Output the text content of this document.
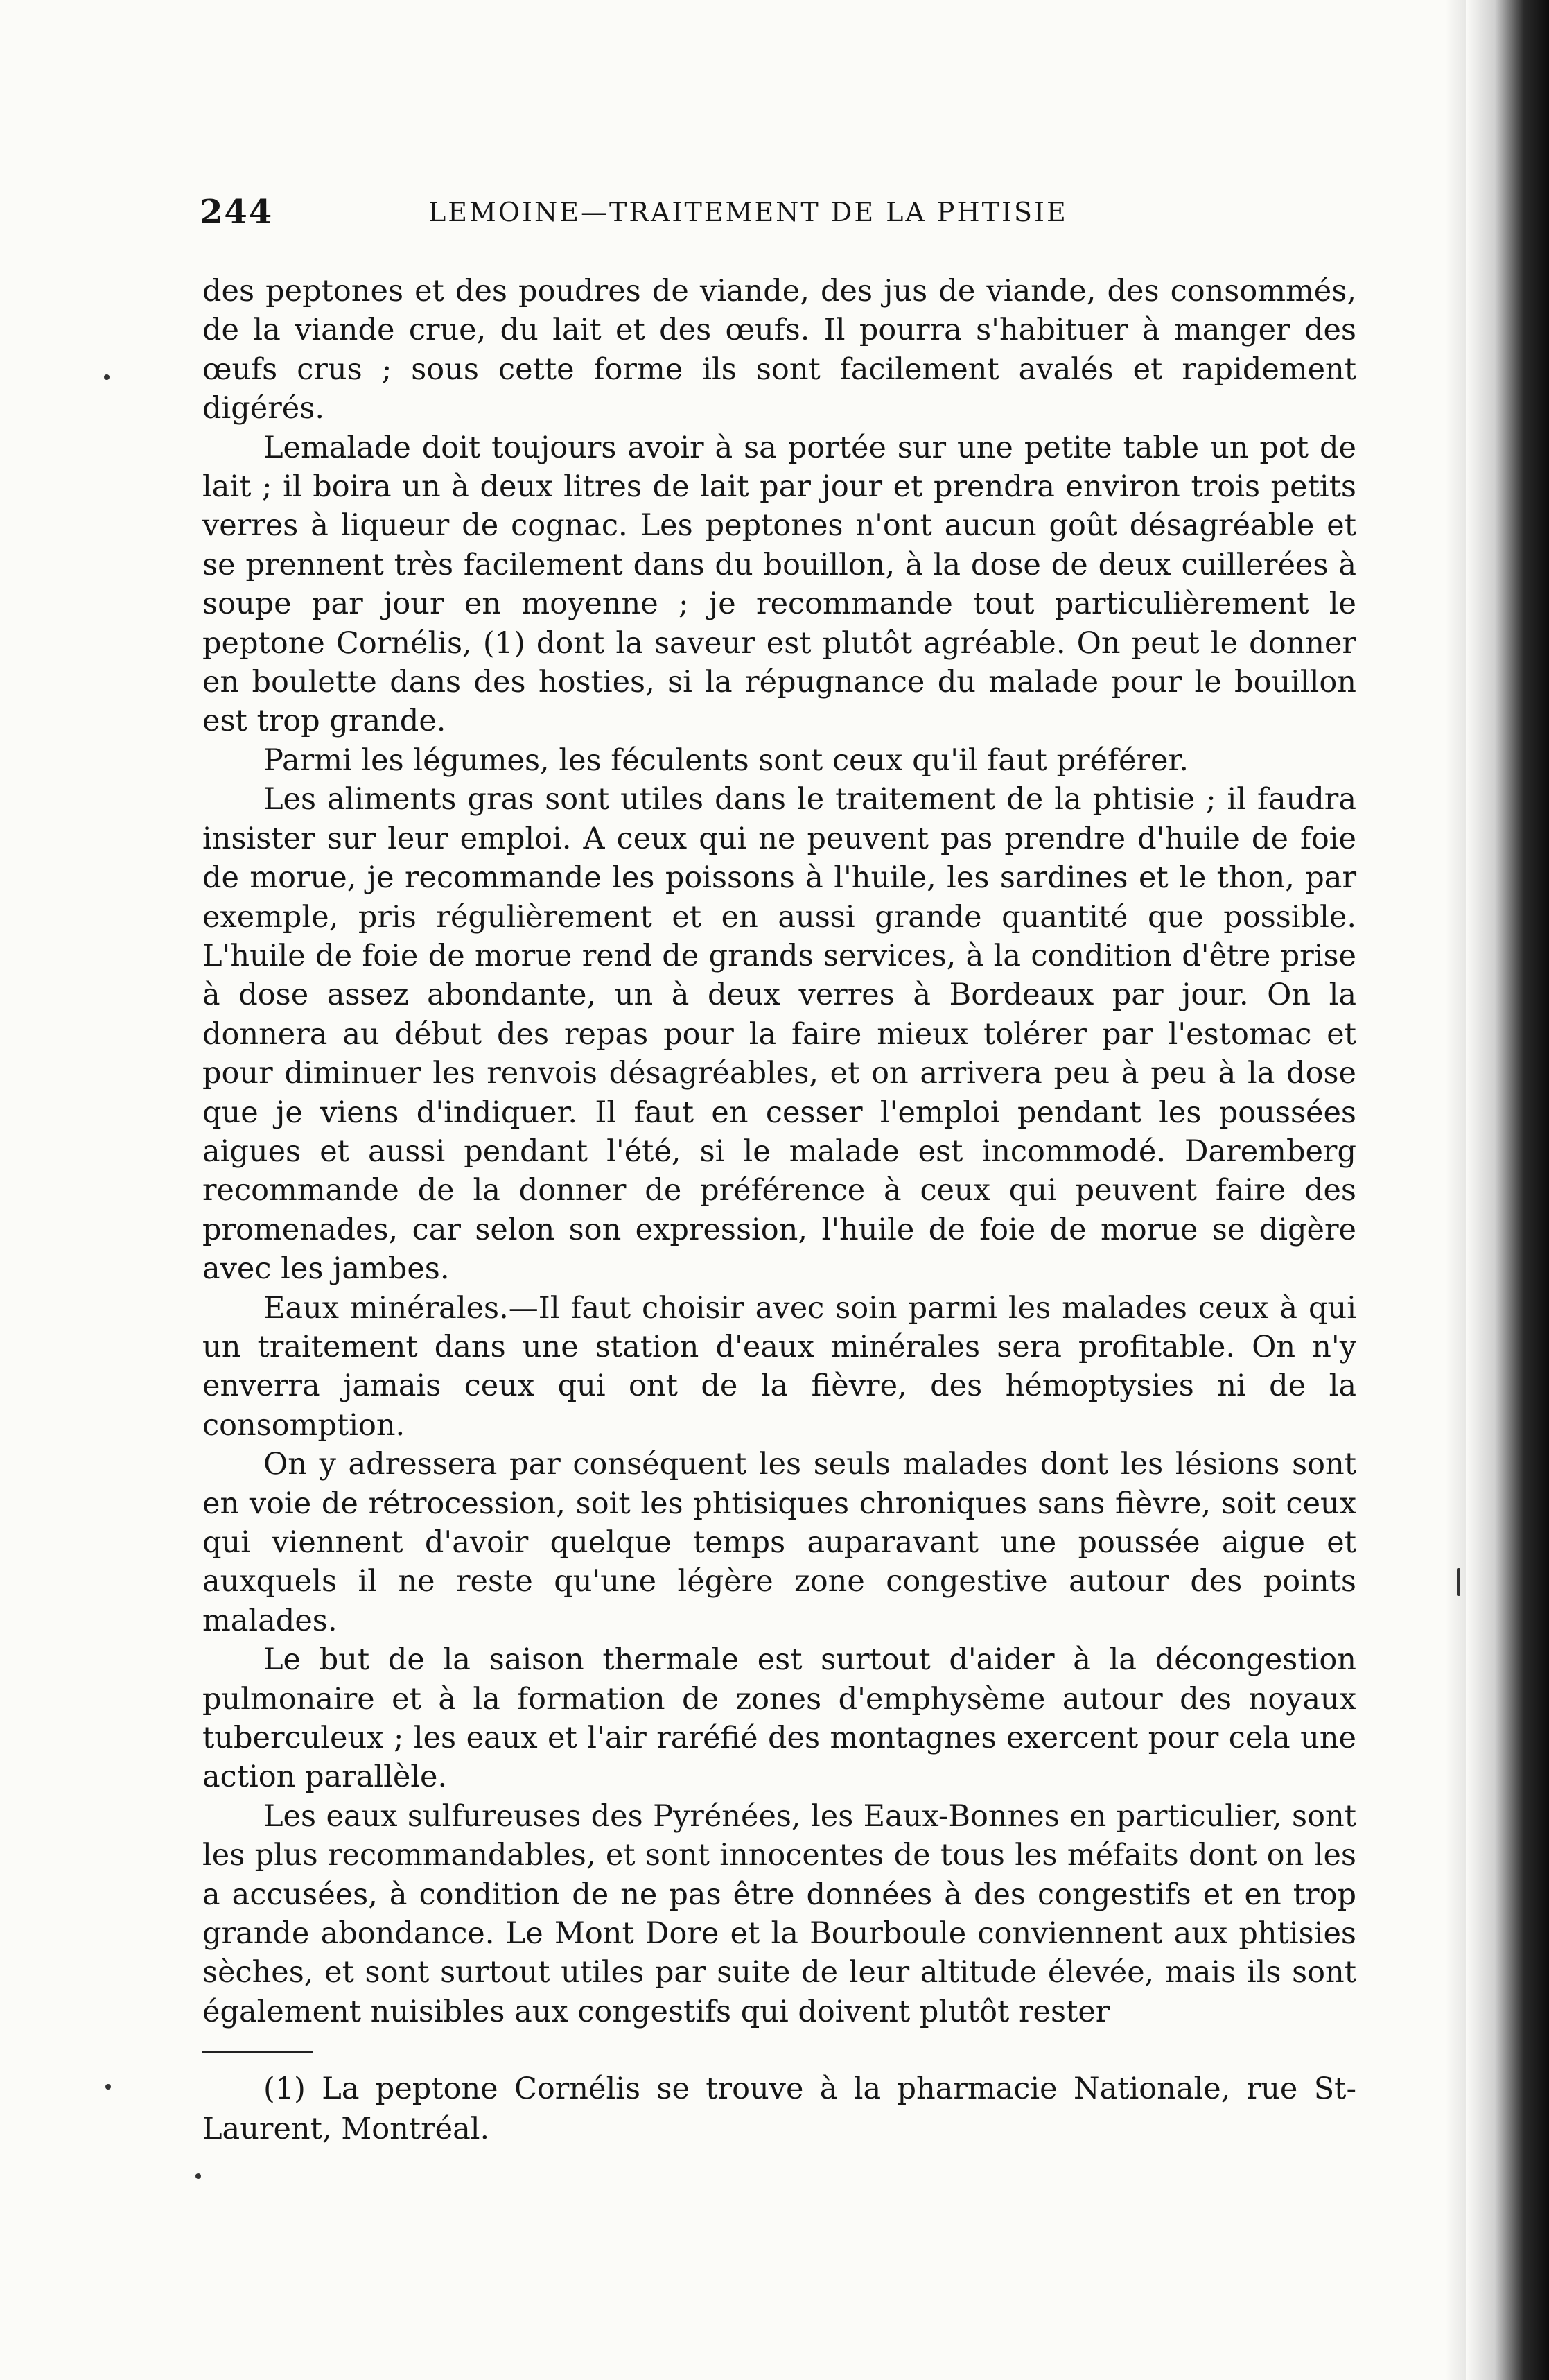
244	LEMOINE—TRAITEMENT DE LA PHTISIE

des peptones et des poudres de viande, des jus de viande, des consommés, de la viande crue, du lait et des œufs. Il pourra s'habituer à manger des œufs crus ; sous cette forme ils sont facilement avalés et rapidement digérés.

Lemalade doit toujours avoir à sa portée sur une petite table un pot de lait ; il boira un à deux litres de lait par jour et prendra environ trois petits verres à liqueur de cognac. Les peptones n'ont aucun goût désagréable et se prennent très facilement dans du bouillon, à la dose de deux cuillerées à soupe par jour en moyenne ; je recommande tout particulièrement le peptone Cornélis, (1) dont la saveur est plutôt agréable. On peut le donner en boulette dans des hosties, si la répugnance du malade pour le bouillon est trop grande.

Parmi les légumes, les féculents sont ceux qu'il faut préférer.

Les aliments gras sont utiles dans le traitement de la phtisie ; il faudra insister sur leur emploi. A ceux qui ne peuvent pas prendre d'huile de foie de morue, je recommande les poissons à l'huile, les sardines et le thon, par exemple, pris régulièrement et en aussi grande quantité que possible. L'huile de foie de morue rend de grands services, à la condition d'être prise à dose assez abondante, un à deux verres à Bordeaux par jour. On la donnera au début des repas pour la faire mieux tolérer par l'estomac et pour diminuer les renvois désagréables, et on arrivera peu à peu à la dose que je viens d'indiquer. Il faut en cesser l'emploi pendant les poussées aigues et aussi pendant l'été, si le malade est incommodé. Daremberg recommande de la donner de préférence à ceux qui peuvent faire des promenades, car selon son expression, l'huile de foie de morue se digère avec les jambes.

Eaux minérales.—Il faut choisir avec soin parmi les malades ceux à qui un traitement dans une station d'eaux minérales sera profitable. On n'y enverra jamais ceux qui ont de la fièvre, des hémoptysies ni de la consomption.

On y adressera par conséquent les seuls malades dont les lésions sont en voie de rétrocession, soit les phtisiques chroniques sans fièvre, soit ceux qui viennent d'avoir quelque temps auparavant une poussée aigue et auxquels il ne reste qu'une légère zone congestive autour des points malades.

Le but de la saison thermale est surtout d'aider à la décongestion pulmonaire et à la formation de zones d'emphysème autour des noyaux tuberculeux ; les eaux et l'air raréfié des montagnes exercent pour cela une action parallèle.

Les eaux sulfureuses des Pyrénées, les Eaux-Bonnes en particulier, sont les plus recommandables, et sont innocentes de tous les méfaits dont on les a accusées, à condition de ne pas être données à des congestifs et en trop grande abondance. Le Mont Dore et la Bourboule conviennent aux phtisies sèches, et sont surtout utiles par suite de leur altitude élevée, mais ils sont également nuisibles aux congestifs qui doivent plutôt rester

(1) La peptone Cornélis se trouve à la pharmacie Nationale, rue St-Laurent, Montréal.
